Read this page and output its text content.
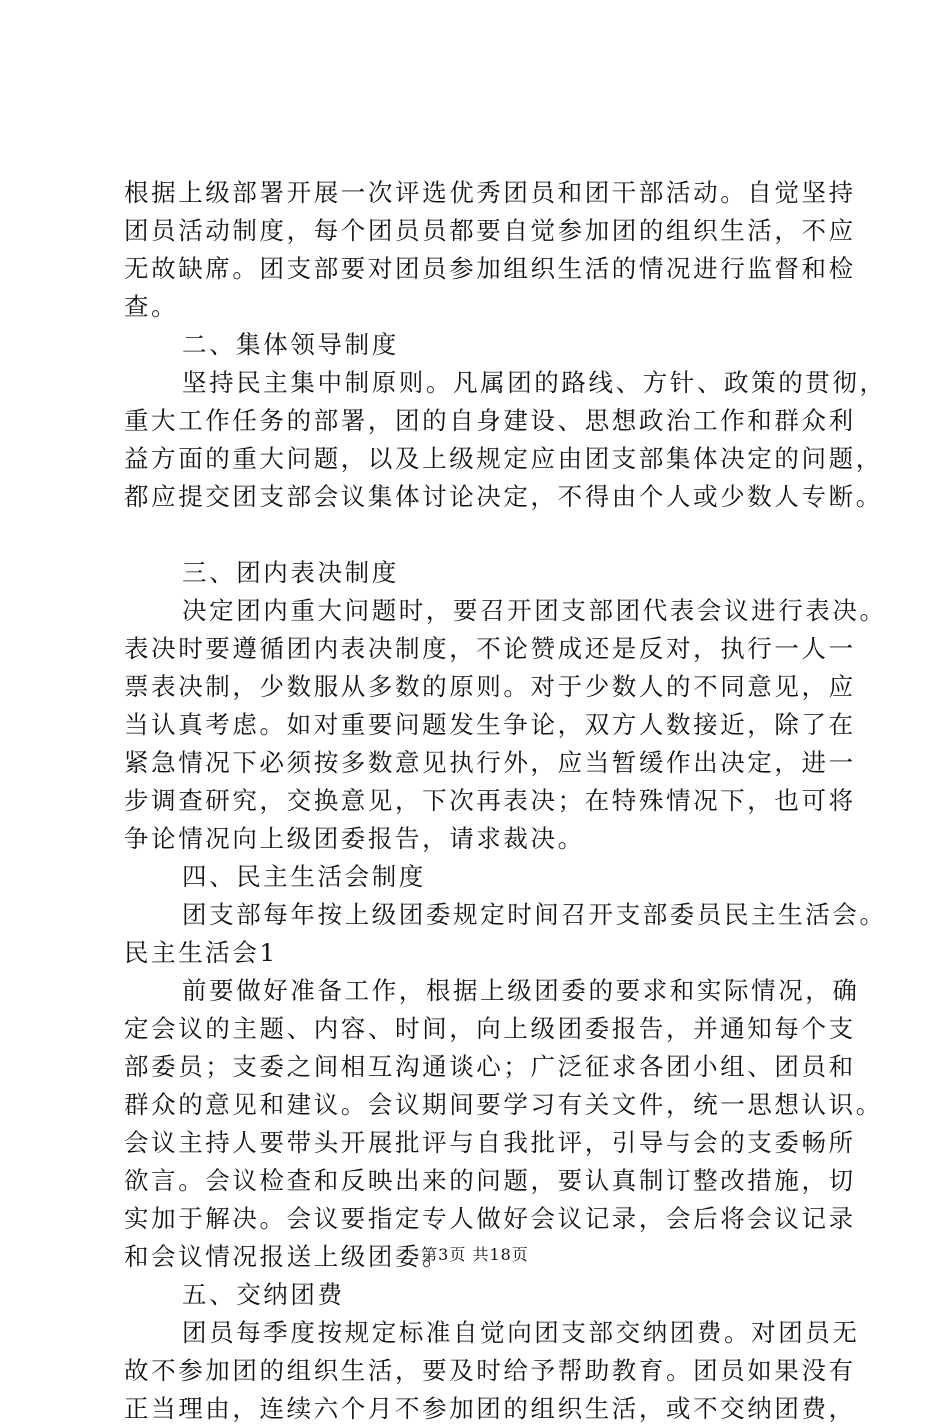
根据上级部署开展一次评选优秀团员和团干部活动。自觉坚持
团员活动制度，每个团员员都要自觉参加团的组织生活，不应
无故缺席。团支部要对团员参加组织生活的情况进行监督和检
查。
二、集体领导制度
坚持民主集中制原则。凡属团的路线、方针、政策的贯彻，
重大工作任务的部署，团的自身建设、思想政治工作和群众利
益方面的重大问题，以及上级规定应由团支部集体决定的问题，
都应提交团支部会议集体讨论决定，不得由个人或少数人专断。
三、团内表决制度
决定团内重大问题时，要召开团支部团代表会议进行表决。
表决时要遵循团内表决制度，不论赞成还是反对，执行一人一
票表决制，少数服从多数的原则。对于少数人的不同意见，应
当认真考虑。如对重要问题发生争论，双方人数接近，除了在
紧急情况下必须按多数意见执行外，应当暂缓作出决定，进一
步调查研究，交换意见，下次再表决；在特殊情况下，也可将
争论情况向上级团委报告，请求裁决。
四、民主生活会制度
团支部每年按上级团委规定时间召开支部委员民主生活会。
民主生活会1
前要做好准备工作，根据上级团委的要求和实际情况，确
定会议的主题、内容、时间，向上级团委报告，并通知每个支
部委员；支委之间相互沟通谈心；广泛征求各团小组、团员和
群众的意见和建议。会议期间要学习有关文件，统一思想认识。
会议主持人要带头开展批评与自我批评，引导与会的支委畅所
欲言。会议检查和反映出来的问题，要认真制订整改措施，切
实加于解决。会议要指定专人做好会议记录，会后将会议记录
和会议情况报送上级团委。
五、交纳团费
团员每季度按规定标准自觉向团支部交纳团费。对团员无
故不参加团的组织生活，要及时给予帮助教育。团员如果没有
正当理由，连续六个月不参加团的组织生活，或不交纳团费，
第3页 共18页
